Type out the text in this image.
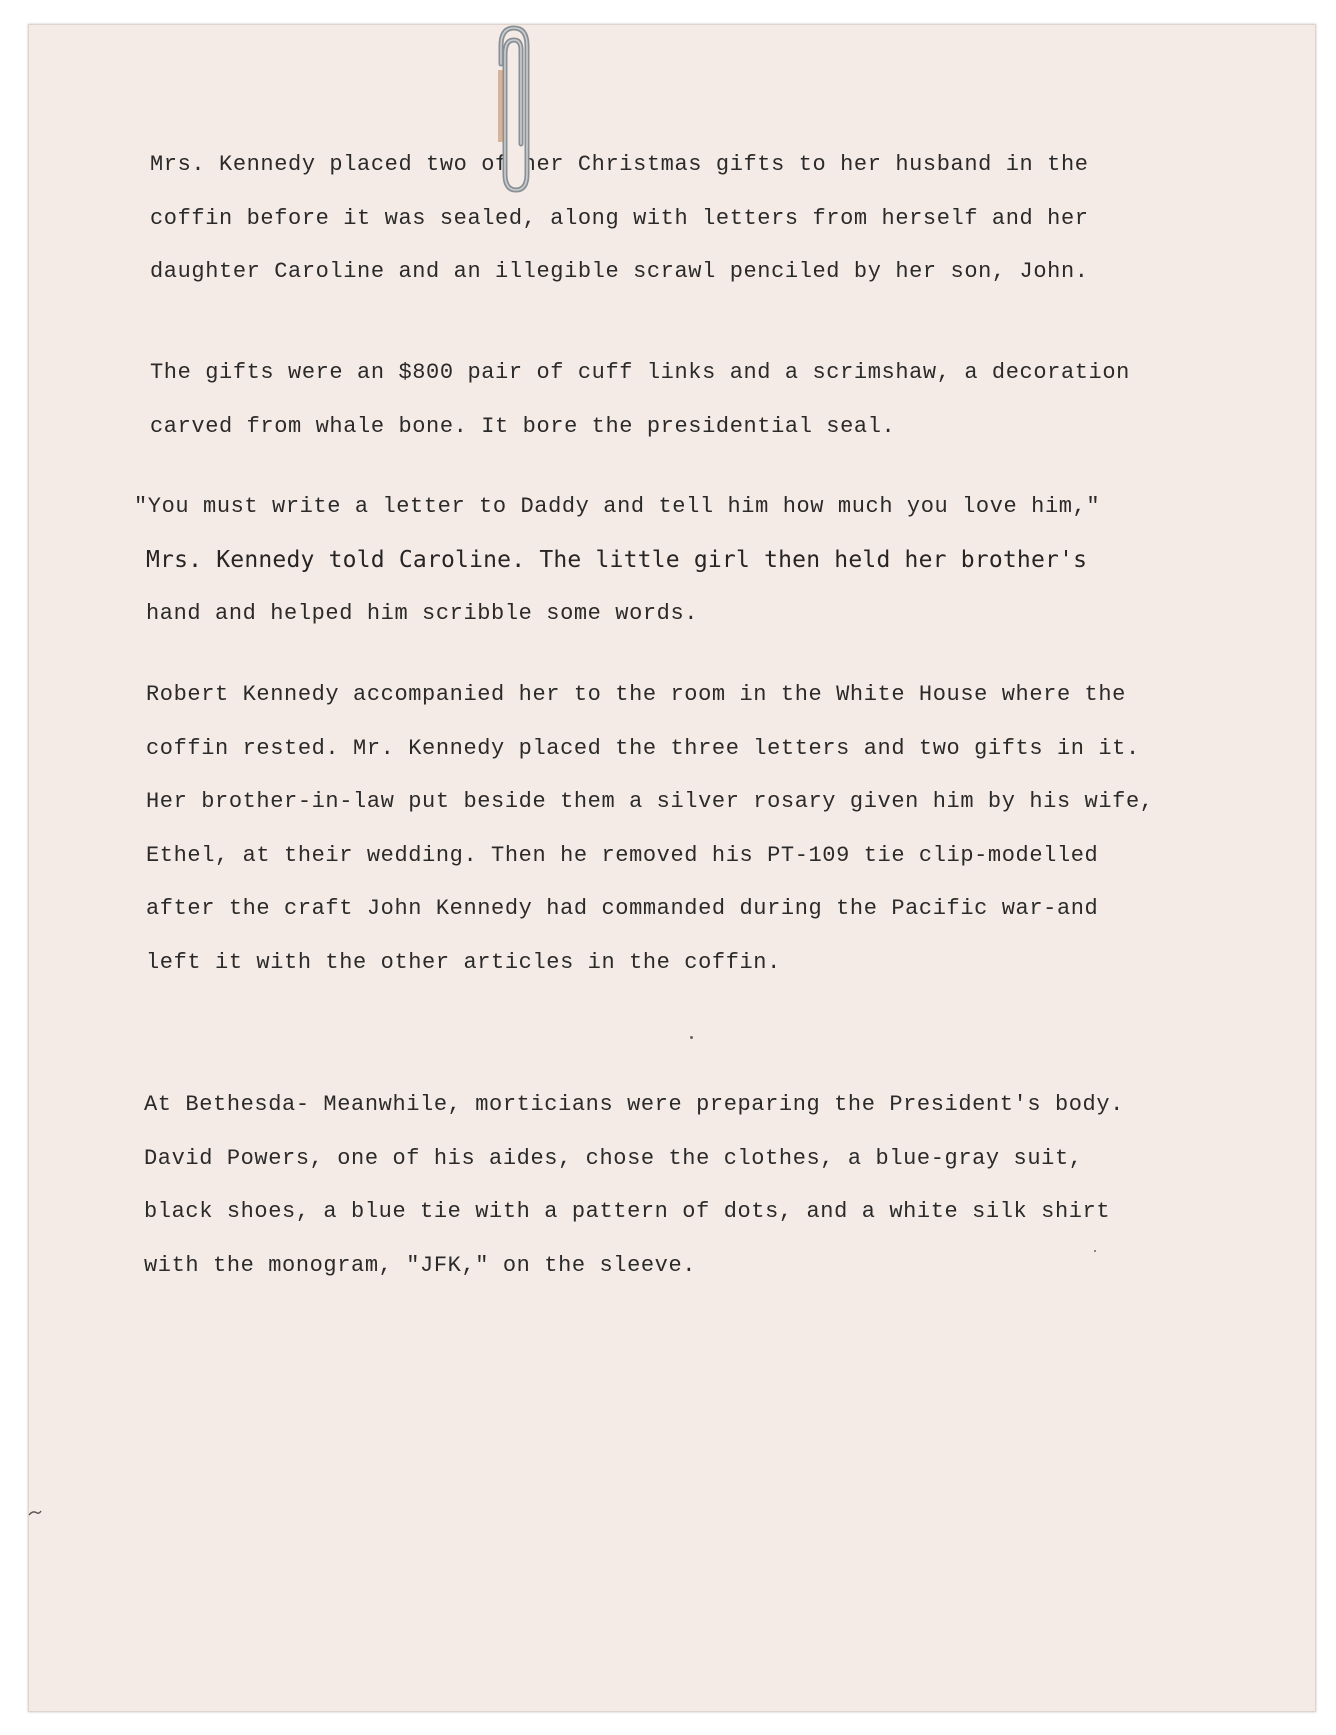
Mrs. Kennedy placed two of her Christmas gifts to her husband in the
coffin before it was sealed, along with letters from herself and her
daughter Caroline and an illegible scrawl penciled by her son, John.

The gifts were an $800 pair of cuff links and a scrimshaw, a decoration
carved from whale bone. It bore the presidential seal.

"You must write a letter to Daddy and tell him how much you love him,"
Mrs. Kennedy told Caroline. The little girl then held her brother's
hand and helped him scribble some words.

Robert Kennedy accompanied her to the room in the White House where the
coffin rested. Mr. Kennedy placed the three letters and two gifts in it.
Her brother-in-law put beside them a silver rosary given him by his wife,
Ethel, at their wedding. Then he removed his PT-109 tie clip-modelled
after the craft John Kennedy had commanded during the Pacific war-and
left it with the other articles in the coffin.

At Bethesda- Meanwhile, morticians were preparing the President's body.
David Powers, one of his aides, chose the clothes, a blue-gray suit,
black shoes, a blue tie with a pattern of dots, and a white silk shirt
with the monogram, "JFK," on the sleeve.
